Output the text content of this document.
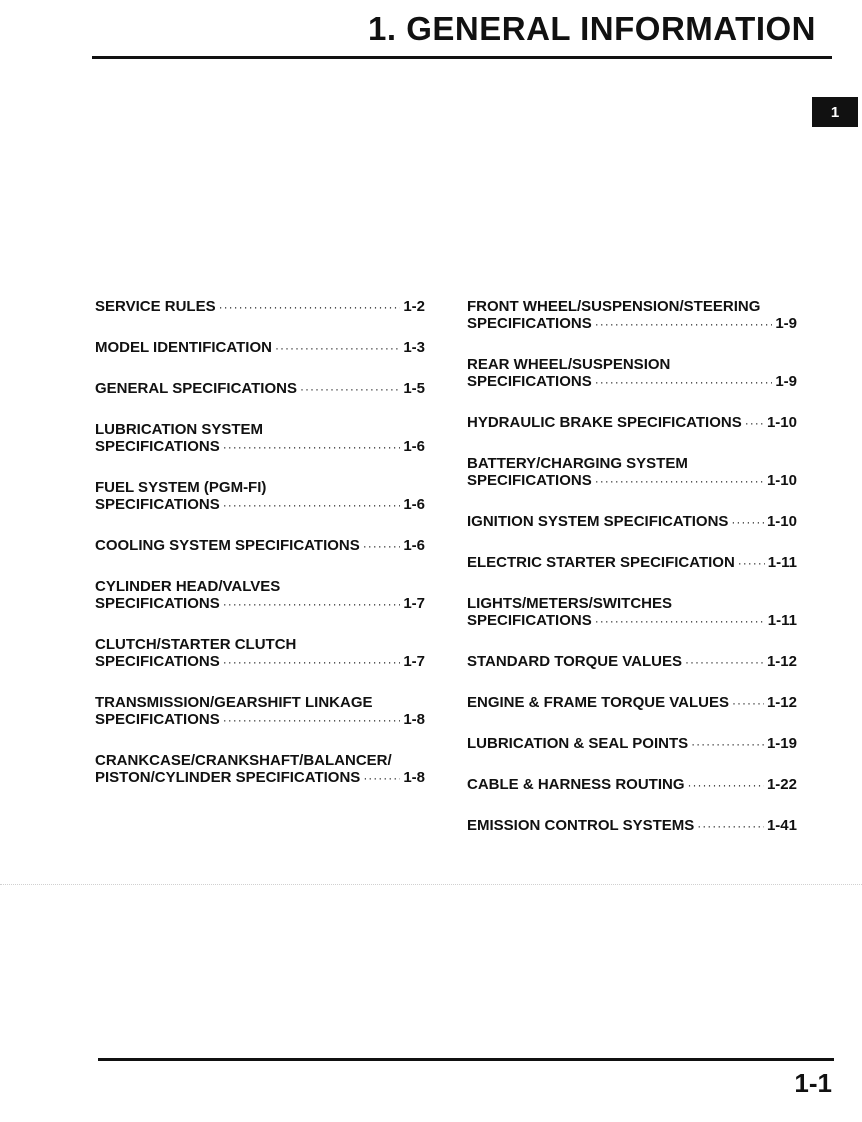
1. GENERAL INFORMATION
1
SERVICE RULES ·····	1-2
MODEL IDENTIFICATION ·····	1-3
GENERAL SPECIFICATIONS ·····	1-5
LUBRICATION SYSTEM
SPECIFICATIONS ·····	1-6
FUEL SYSTEM (PGM-FI)
SPECIFICATIONS ·····	1-6
COOLING SYSTEM SPECIFICATIONS ·····	1-6
CYLINDER HEAD/VALVES
SPECIFICATIONS ·····	1-7
CLUTCH/STARTER CLUTCH
SPECIFICATIONS ·····	1-7
TRANSMISSION/GEARSHIFT LINKAGE
SPECIFICATIONS ·····	1-8
CRANKCASE/CRANKSHAFT/BALANCER/
PISTON/CYLINDER SPECIFICATIONS ·····	1-8
FRONT WHEEL/SUSPENSION/STEERING
SPECIFICATIONS ·····	1-9
REAR WHEEL/SUSPENSION
SPECIFICATIONS ·····	1-9
HYDRAULIC BRAKE SPECIFICATIONS ····· 1-10
BATTERY/CHARGING SYSTEM
SPECIFICATIONS ·····	1-10
IGNITION SYSTEM SPECIFICATIONS ·····	1-10
ELECTRIC STARTER SPECIFICATION ····· 1-11
LIGHTS/METERS/SWITCHES
SPECIFICATIONS ·····	1-11
STANDARD TORQUE VALUES ·····	1-12
ENGINE & FRAME TORQUE VALUES ·····	1-12
LUBRICATION & SEAL POINTS ·····	1-19
CABLE & HARNESS ROUTING ·····	1-22
EMISSION CONTROL SYSTEMS ·····	1-41
1-1
